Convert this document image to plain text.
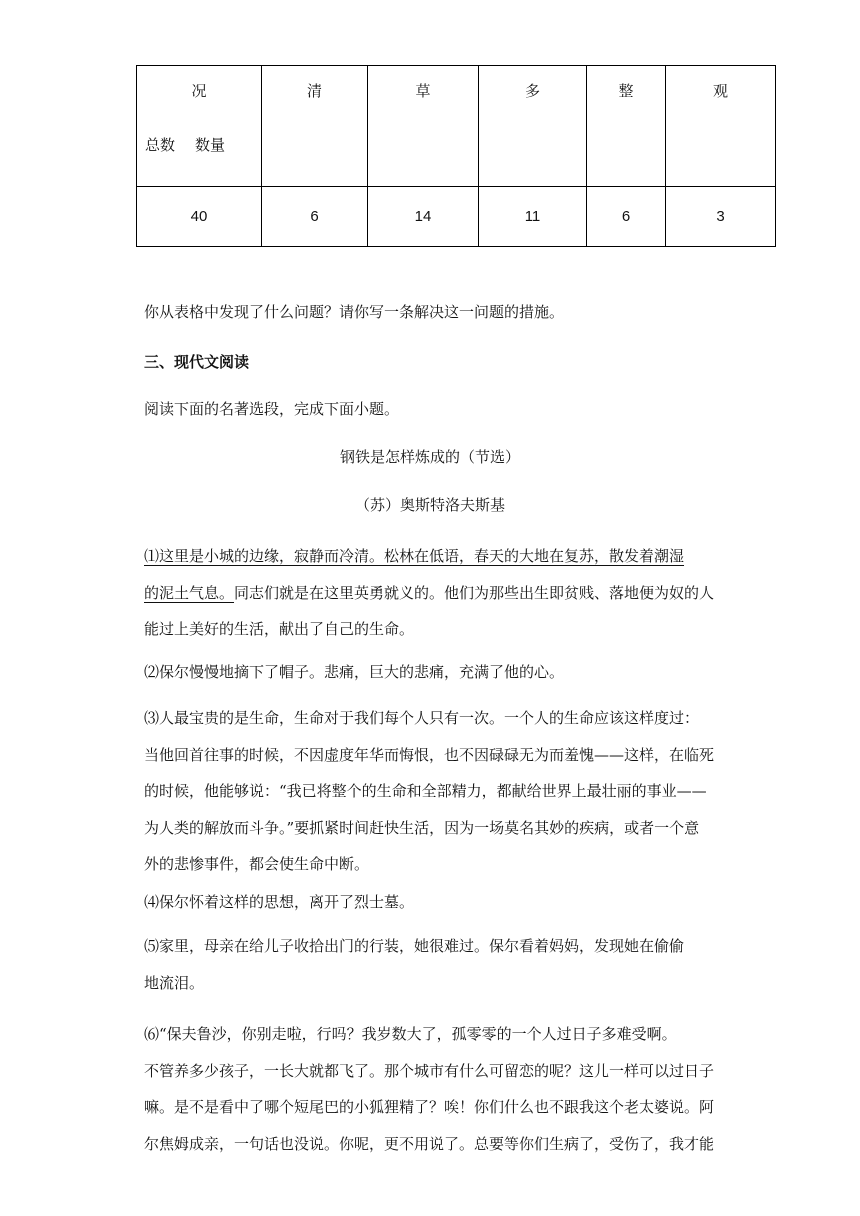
况
总数 数量	清	草	多	整	观

40	6	14	11	6	3
你从表格中发现了什么问题？请你写一条解决这一问题的措施。
三、现代文阅读
阅读下面的名著选段，完成下面小题。
钢铁是怎样炼成的（节选）
（苏）奥斯特洛夫斯基

⑴这里是小城的边缘，寂静而冷清。松林在低语，春天的大地在复苏，散发着潮湿
的泥土气息。同志们就是在这里英勇就义的。他们为那些出生即贫贱、落地便为奴的人
能过上美好的生活，献出了自己的生命。

⑵保尔慢慢地摘下了帽子。悲痛，巨大的悲痛，充满了他的心。

⑶人最宝贵的是生命，生命对于我们每个人只有一次。一个人的生命应该这样度过：
当他回首往事的时候，不因虚度年华而悔恨，也不因碌碌无为而羞愧——这样，在临死
的时候，他能够说：“我已将整个的生命和全部精力，都献给世界上最壮丽的事业——
为人类的解放而斗争。”要抓紧时间赶快生活，因为一场莫名其妙的疾病，或者一个意
外的悲惨事件，都会使生命中断。

⑷保尔怀着这样的思想，离开了烈士墓。

⑸家里，母亲在给儿子收拾出门的行装，她很难过。保尔看着妈妈，发现她在偷偷
地流泪。

⑹“保夫鲁沙，你别走啦，行吗？我岁数大了，孤零零的一个人过日子多难受啊。
不管养多少孩子，一长大就都飞了。那个城市有什么可留恋的呢？这儿一样可以过日子
嘛。是不是看中了哪个短尾巴的小狐狸精了？唉！你们什么也不跟我这个老太婆说。阿
尔焦姆成亲，一句话也没说。你呢，更不用说了。总要等你们生病了，受伤了，我才能
